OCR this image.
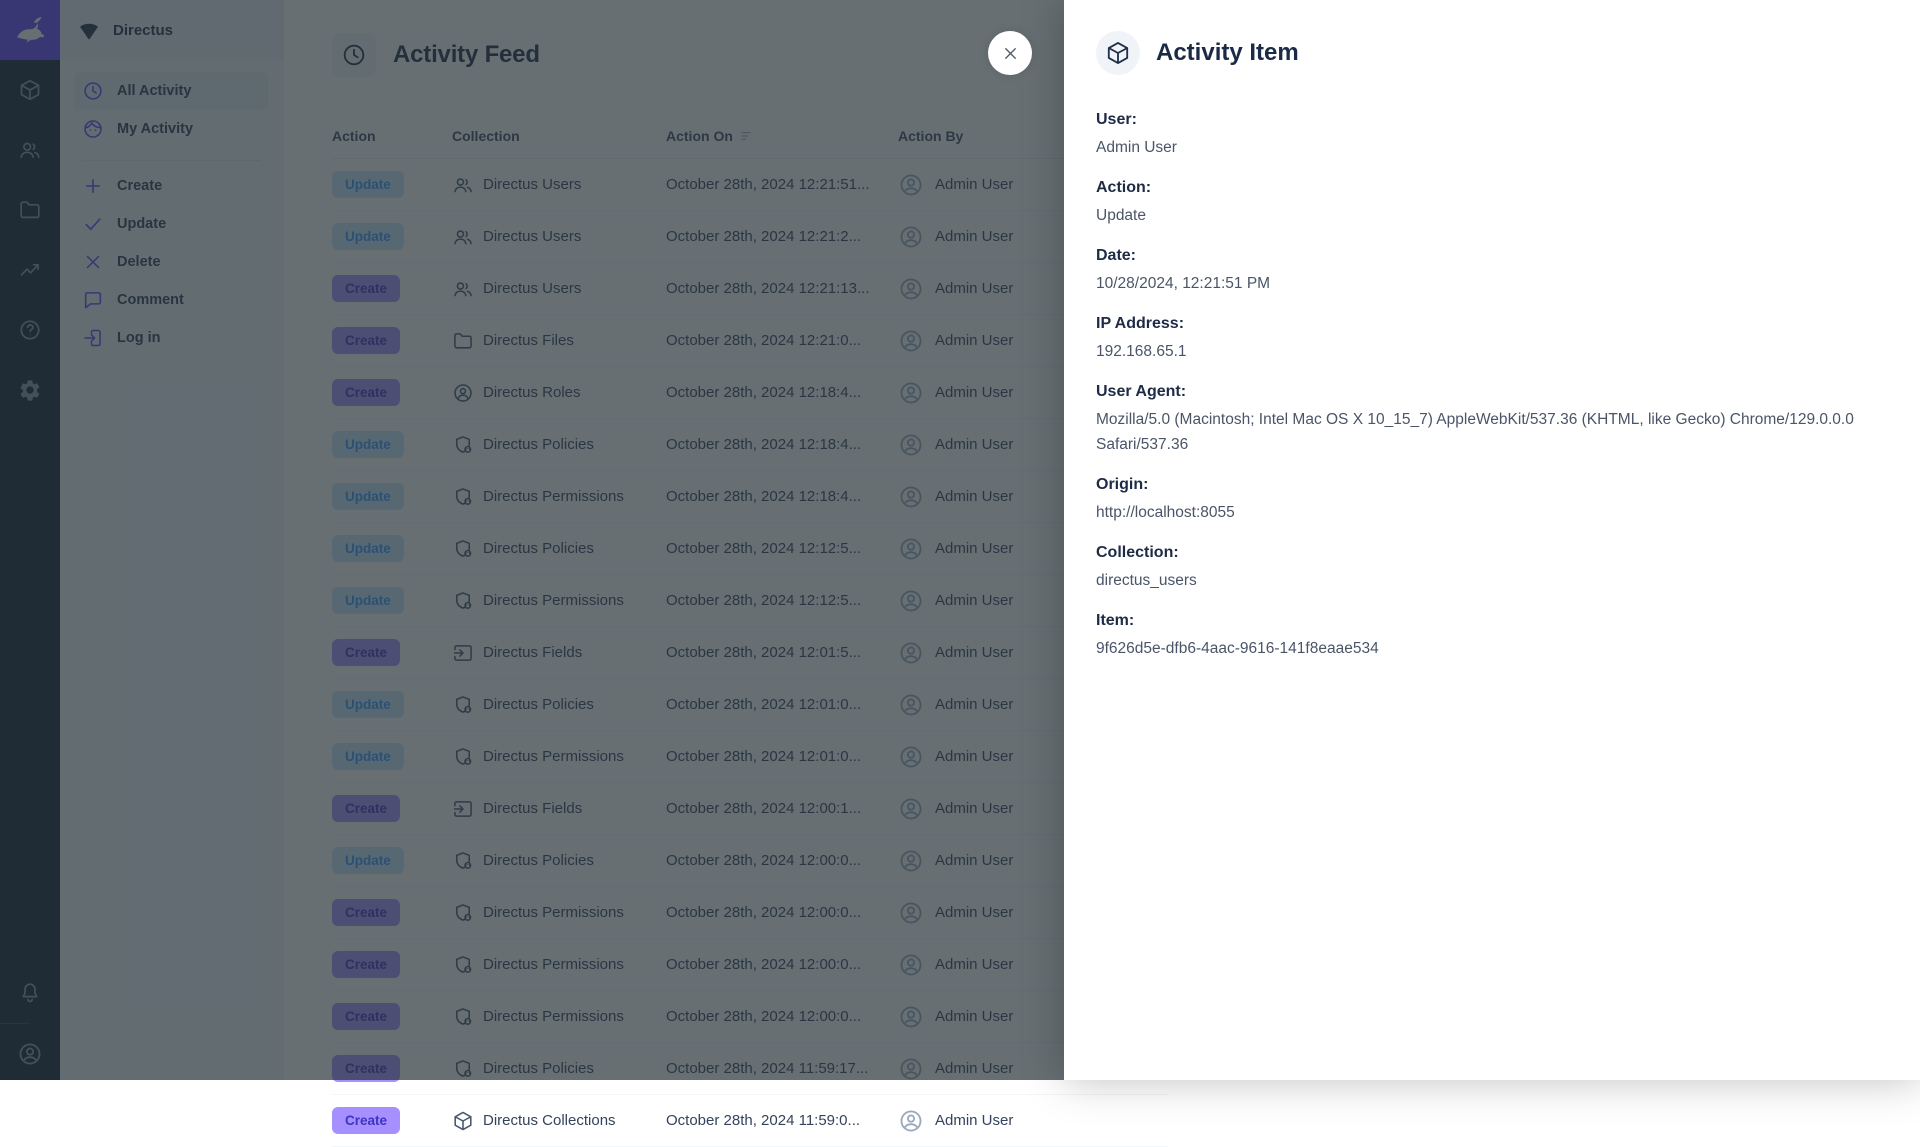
Create	Directus Collections	October 28th, 2024 11:59:0...	Admin User
Activity Item
User:
Admin User
Action:
Update
Date:
10/28/2024, 12:21:51 PM
IP Address:
192.168.65.1
User Agent:
Mozilla/5.0 (Macintosh; Intel Mac OS X 10_15_7) AppleWebKit/537.36 (KHTML, like Gecko) Chrome/129.0.0.0 Safari/537.36
Origin:
http://localhost:8055
Collection:
directus_users
Item:
9f626d5e-dfb6-4aac-9616-141f8eaae534
